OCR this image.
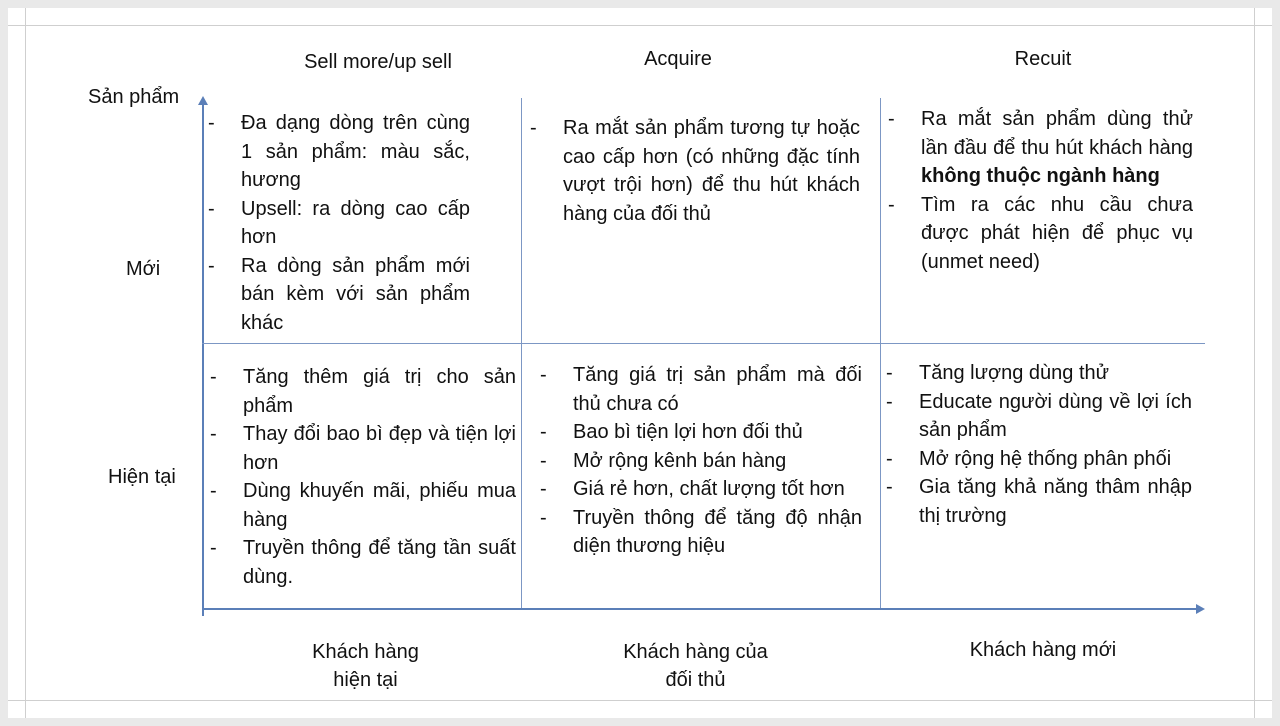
Sell more/up sell	Acquire	Recuit
Sản phẩm
Mới
Hiện tại
- Đa dạng dòng trên cùng 1 sản phẩm: màu sắc, hương
- Upsell: ra dòng cao cấp hơn
- Ra dòng sản phẩm mới bán kèm với sản phẩm khác
- Ra mắt sản phẩm tương tự hoặc cao cấp hơn (có những đặc tính vượt trội hơn) để thu hút khách hàng của đối thủ
- Ra mắt sản phẩm dùng thử lần đầu để thu hút khách hàng không thuộc ngành hàng
- Tìm ra các nhu cầu chưa được phát hiện để phục vụ (unmet need)
- Tăng thêm giá trị cho sản phẩm
- Thay đổi bao bì đẹp và tiện lợi hơn
- Dùng khuyến mãi, phiếu mua hàng
- Truyền thông để tăng tần suất dùng.
- Tăng giá trị sản phẩm mà đối thủ chưa có
- Bao bì tiện lợi hơn đối thủ
- Mở rộng kênh bán hàng
- Giá rẻ hơn, chất lượng tốt hơn
- Truyền thông để tăng độ nhận diện thương hiệu
- Tăng lượng dùng thử
- Educate người dùng về lợi ích sản phẩm
- Mở rộng hệ thống phân phối
- Gia tăng khả năng thâm nhập thị trường
Khách hàng
hiện tại
Khách hàng của
đối thủ
Khách hàng mới
